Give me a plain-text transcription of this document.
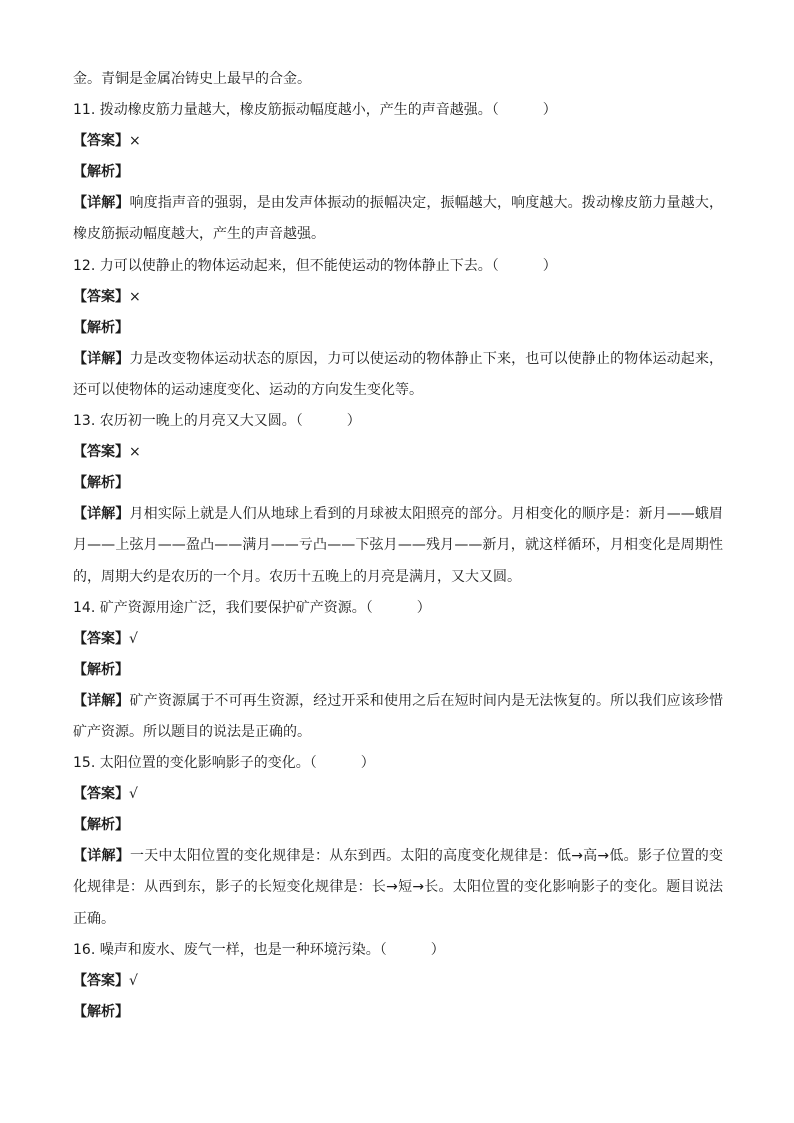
金。青铜是金属冶铸史上最早的合金。
11. 拨动橡皮筋力量越大，橡皮筋振动幅度越小，产生的声音越强。（	）
【答案】×
【解析】
【详解】响度指声音的强弱，是由发声体振动的振幅决定，振幅越大，响度越大。拨动橡皮筋力量越大，橡皮筋振动幅度越大，产生的声音越强。
12. 力可以使静止的物体运动起来，但不能使运动的物体静止下去。（	）
【答案】×
【解析】
【详解】力是改变物体运动状态的原因，力可以使运动的物体静止下来，也可以使静止的物体运动起来，还可以使物体的运动速度变化、运动的方向发生变化等。
13. 农历初一晚上的月亮又大又圆。（	）
【答案】×
【解析】
【详解】月相实际上就是人们从地球上看到的月球被太阳照亮的部分。月相变化的顺序是：新月——蛾眉月——上弦月——盈凸——满月——亏凸——下弦月——残月——新月，就这样循环，月相变化是周期性的，周期大约是农历的一个月。农历十五晚上的月亮是满月，又大又圆。
14. 矿产资源用途广泛，我们要保护矿产资源。（	）
【答案】√
【解析】
【详解】矿产资源属于不可再生资源，经过开采和使用之后在短时间内是无法恢复的。所以我们应该珍惜矿产资源。所以题目的说法是正确的。
15. 太阳位置的变化影响影子的变化。（	）
【答案】√
【解析】
【详解】一天中太阳位置的变化规律是：从东到西。太阳的高度变化规律是：低→高→低。影子位置的变化规律是：从西到东，影子的长短变化规律是：长→短→长。太阳位置的变化影响影子的变化。题目说法正确。
16. 噪声和废水、废气一样，也是一种环境污染。（	）
【答案】√
【解析】
